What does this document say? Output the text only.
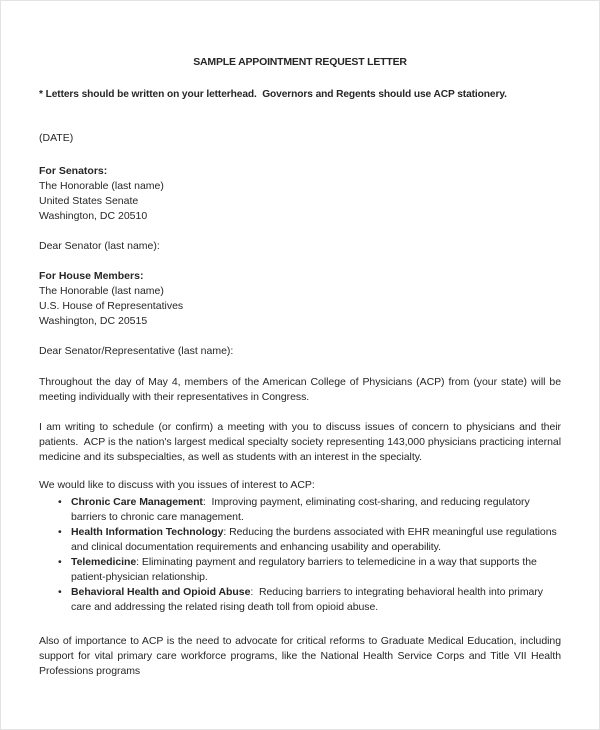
SAMPLE APPOINTMENT REQUEST LETTER
* Letters should be written on your letterhead.  Governors and Regents should use ACP stationery.
(DATE)
For Senators:
The Honorable (last name)
United States Senate
Washington, DC 20510
Dear Senator (last name):
For House Members:
The Honorable (last name)
U.S. House of Representatives
Washington, DC 20515
Dear Senator/Representative (last name):
Throughout the day of May 4, members of the American College of Physicians (ACP) from (your state) will be meeting individually with their representatives in Congress.
I am writing to schedule (or confirm) a meeting with you to discuss issues of concern to physicians and their patients.  ACP is the nation's largest medical specialty society representing 143,000 physicians practicing internal medicine and its subspecialties, as well as students with an interest in the specialty.
We would like to discuss with you issues of interest to ACP:
• Chronic Care Management:  Improving payment, eliminating cost-sharing, and reducing regulatory barriers to chronic care management.
• Health Information Technology: Reducing the burdens associated with EHR meaningful use regulations and clinical documentation requirements and enhancing usability and operability.
• Telemedicine: Eliminating payment and regulatory barriers to telemedicine in a way that supports the patient-physician relationship.
• Behavioral Health and Opioid Abuse:  Reducing barriers to integrating behavioral health into primary care and addressing the related rising death toll from opioid abuse.
Also of importance to ACP is the need to advocate for critical reforms to Graduate Medical Education, including support for vital primary care workforce programs, like the National Health Service Corps and Title VII Health Professions programs
